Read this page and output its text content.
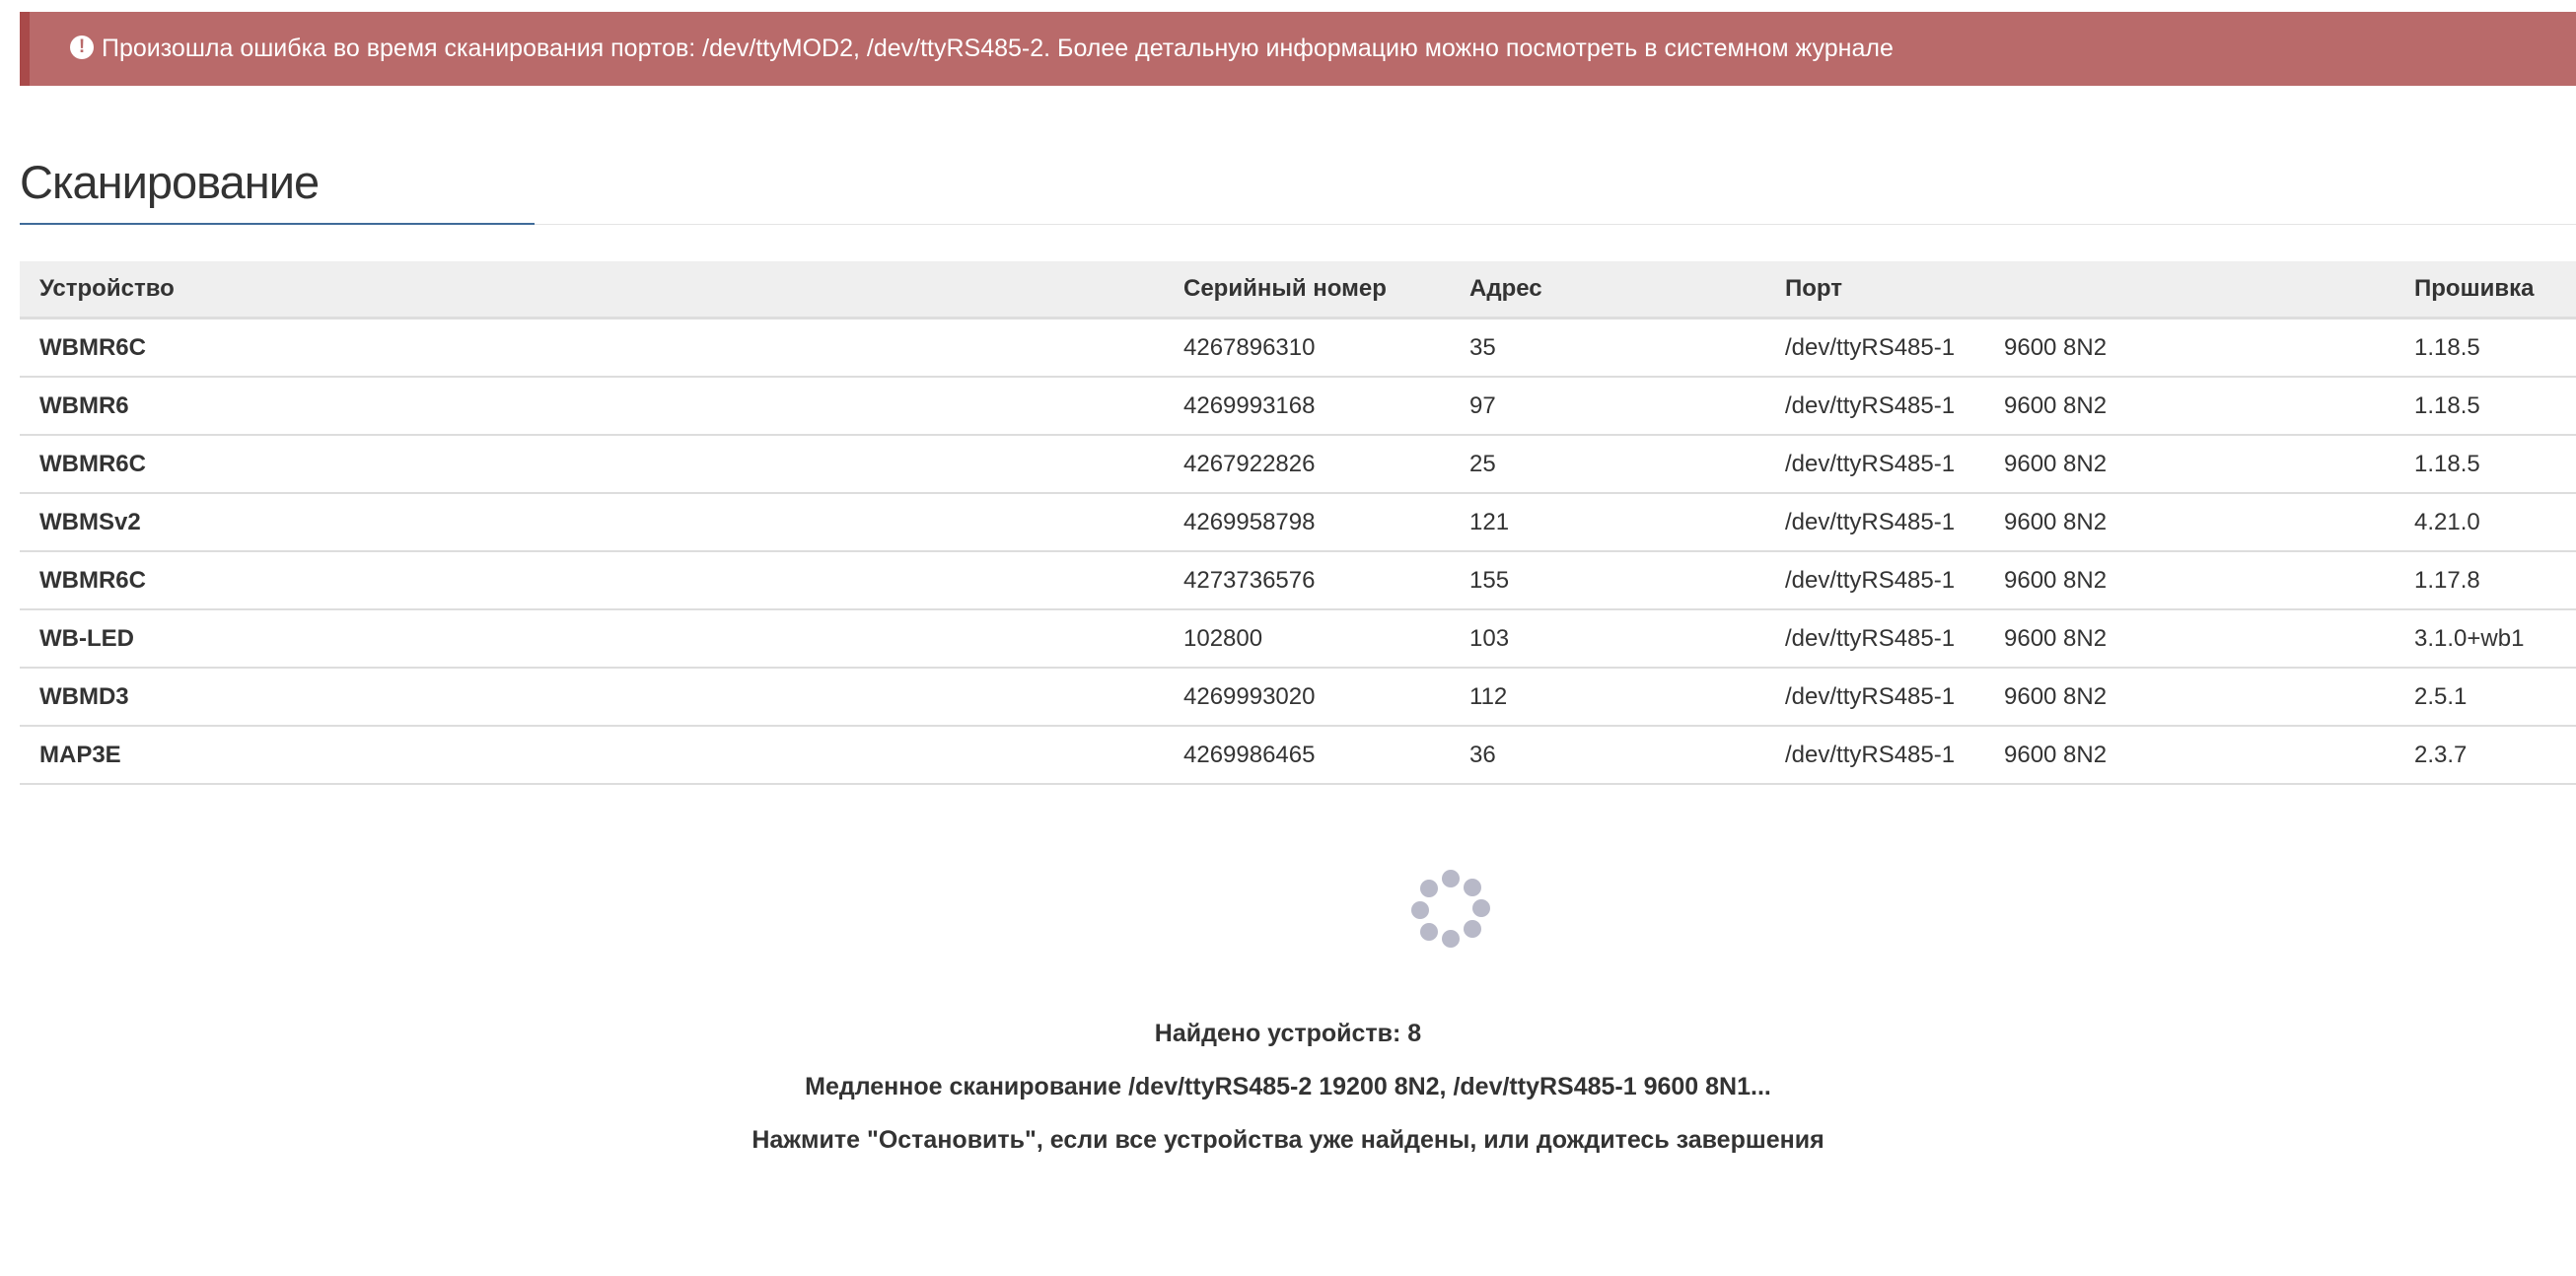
! Произошла ошибка во время сканирования портов: /dev/ttyMOD2, /dev/ttyRS485-2. Более детальную информацию можно посмотреть в системном журнале
Сканирование
Устройство	Серийный номер	Адрес	Порт	Прошивка
WBMR6C	4267896310	35	/dev/ttyRS485-1 9600 8N2	1.18.5
WBMR6	4269993168	97	/dev/ttyRS485-1 9600 8N2	1.18.5
WBMR6C	4267922826	25	/dev/ttyRS485-1 9600 8N2	1.18.5
WBMSv2	4269958798	121	/dev/ttyRS485-1 9600 8N2	4.21.0
WBMR6C	4273736576	155	/dev/ttyRS485-1 9600 8N2	1.17.8
WB-LED	102800	103	/dev/ttyRS485-1 9600 8N2	3.1.0+wb1
WBMD3	4269993020	112	/dev/ttyRS485-1 9600 8N2	2.5.1
MAP3E	4269986465	36	/dev/ttyRS485-1 9600 8N2	2.3.7
Найдено устройств: 8
Медленное сканирование /dev/ttyRS485-2 19200 8N2, /dev/ttyRS485-1 9600 8N1...
Нажмите "Остановить", если все устройства уже найдены, или дождитесь завершения
